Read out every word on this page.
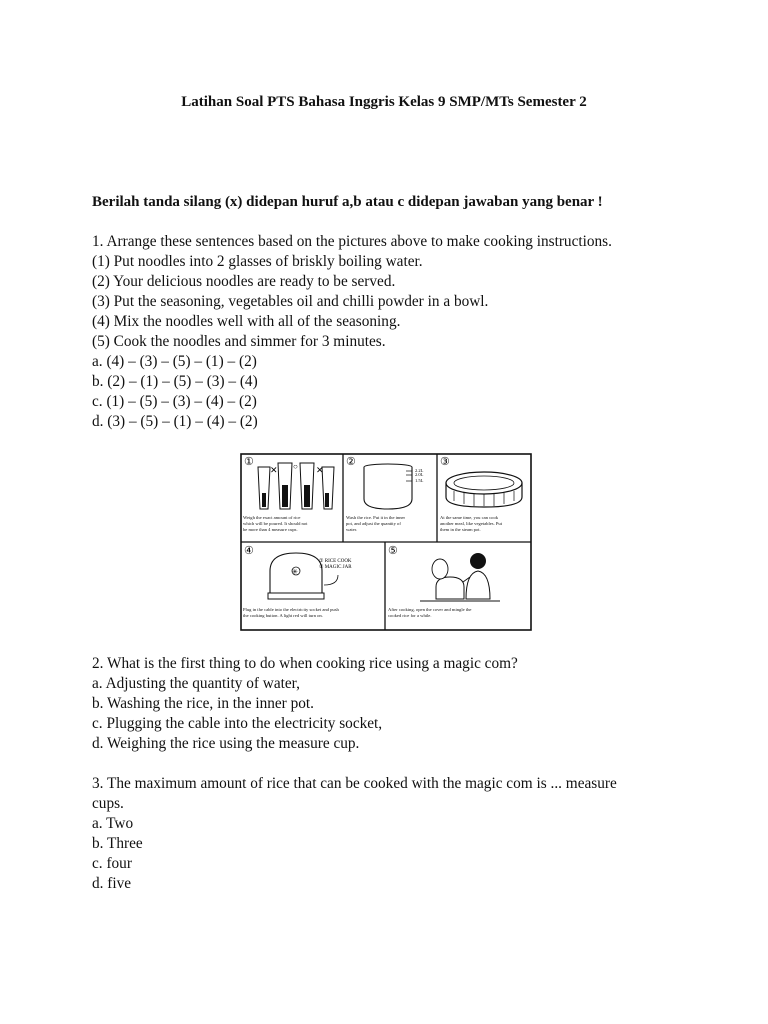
Latihan Soal PTS Bahasa Inggris Kelas 9 SMP/MTs Semester 2
Berilah tanda silang (x) didepan huruf a,b atau c didepan jawaban yang benar !
1. Arrange these sentences based on the pictures above to make cooking instructions.
(1) Put noodles into 2 glasses of briskly boiling water.
(2) Your delicious noodles are ready to be served.
(3) Put the seasoning, vegetables oil and chilli powder in a bowl.
(4) Mix the noodles well with all of the seasoning.
(5) Cook the noodles and simmer for 3 minutes.
a. (4) – (3) – (5) – (1) – (2)
b. (2) – (1) – (5) – (3) – (4)
c. (1) – (5) – (3) – (4) – (2)
d. (3) – (5) – (1) – (4) – (2)
①
✕	✕
○
Weigh the exact amount of rice
which will be poured. It should not
be more than 4 measure cups.
②
2.2L
2.0L
1.5L
Wash the rice. Put it in the inner
pot, and adjust the quantity of
water.
③
At the same time, you can cook
another meal, like vegetables. Put
them in the steam pot.
④
✳
① RICE COOK
② MAGIC JAR
Plug in the cable into the electricity socket and push
the cooking button. A light red will turn on.
⑤
After cooking, open the cover and mingle the
cooked rice for a while.
2. What is the first thing to do when cooking rice using a magic com?
a. Adjusting the quantity of water,
b. Washing the rice, in the inner pot.
c. Plugging the cable into the electricity socket,
d. Weighing the rice using the measure cup.
3. The maximum amount of rice that can be cooked with the magic com is ... measure
cups.
a. Two
b. Three
c. four
d. five
